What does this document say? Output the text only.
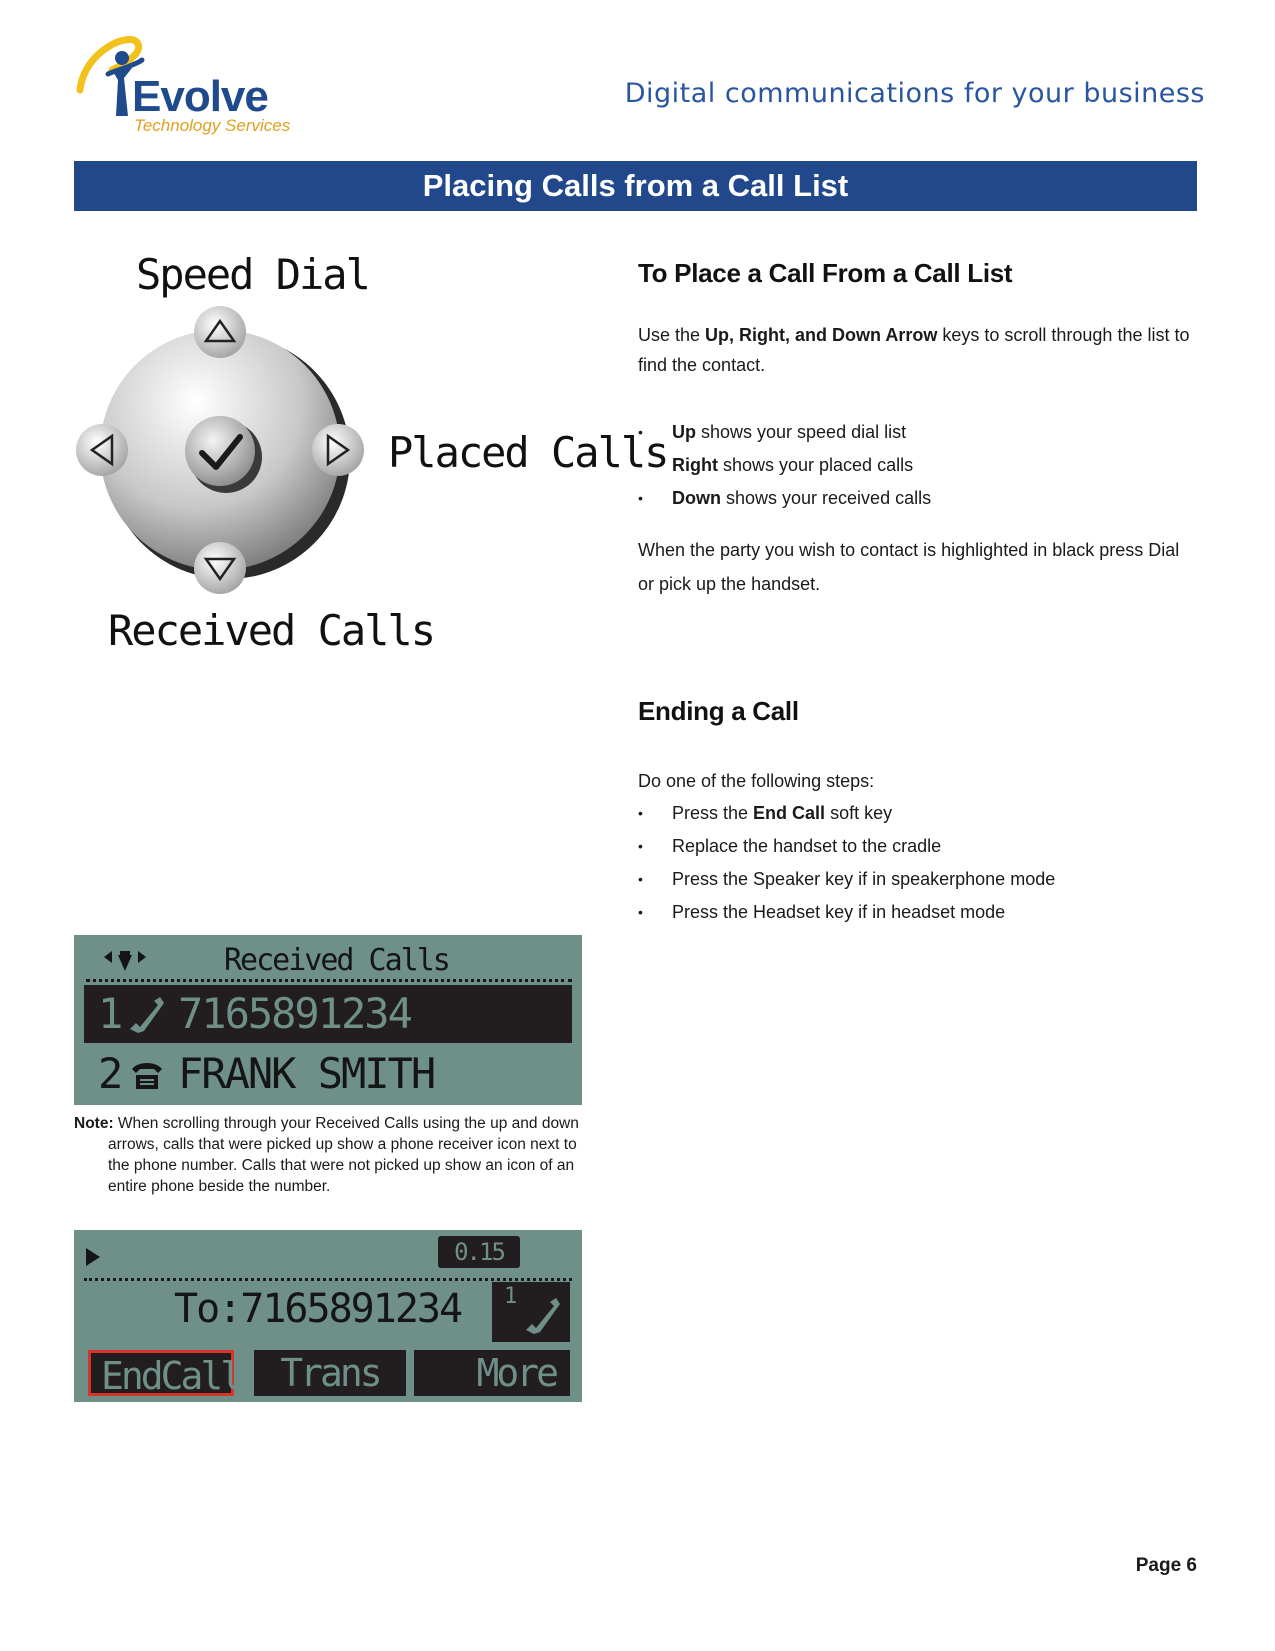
Evolve
Technology Services
Digital communications for your business
Placing Calls from a Call List
Speed Dial
Placed Calls
Received Calls
To Place a Call From a Call List
Use the Up, Right, and Down Arrow keys to scroll through the list to find the contact.
• Up shows your speed dial list
• Right shows your placed calls
• Down shows your received calls
When the party you wish to contact is highlighted in black press Dial or pick up the handset.
Ending a Call
Do one of the following steps:
• Press the End Call soft key
• Replace the handset to the cradle
• Press the Speaker key if in speakerphone mode
• Press the Headset key if in headset mode
Received Calls
1 7165891234
2 FRANK SMITH
Note: When scrolling through your Received Calls using the up and down
arrows, calls that were picked up show a phone receiver icon next to the phone number. Calls that were not picked up show an icon of an entire phone beside the number.
0.15
To:7165891234 1
EndCall	Trans	More
Page 6
